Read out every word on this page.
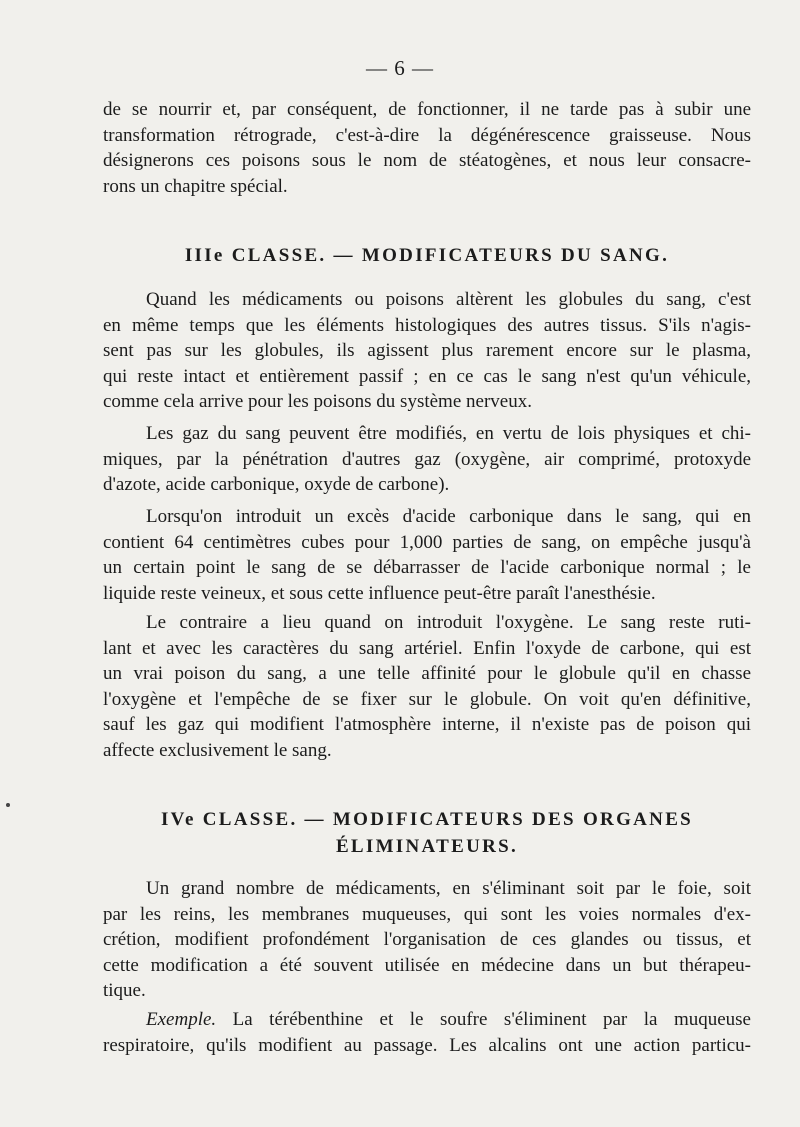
— 6 —

de se nourrir et, par conséquent, de fonctionner, il ne tarde pas à subir une
transformation rétrograde, c'est-à-dire la dégénérescence graisseuse. Nous
désignerons ces poisons sous le nom de stéatogènes, et nous leur consacre-
rons un chapitre spécial.

IIIe CLASSE. — MODIFICATEURS DU SANG.

Quand les médicaments ou poisons altèrent les globules du sang, c'est
en même temps que les éléments histologiques des autres tissus. S'ils n'agis-
sent pas sur les globules, ils agissent plus rarement encore sur le plasma,
qui reste intact et entièrement passif ; en ce cas le sang n'est qu'un véhicule,
comme cela arrive pour les poisons du système nerveux.

Les gaz du sang peuvent être modifiés, en vertu de lois physiques et chi-
miques, par la pénétration d'autres gaz (oxygène, air comprimé, protoxyde
d'azote, acide carbonique, oxyde de carbone).

Lorsqu'on introduit un excès d'acide carbonique dans le sang, qui en
contient 64 centimètres cubes pour 1,000 parties de sang, on empêche jusqu'à
un certain point le sang de se débarrasser de l'acide carbonique normal ; le
liquide reste veineux, et sous cette influence peut-être paraît l'anesthésie.

Le contraire a lieu quand on introduit l'oxygène. Le sang reste ruti-
lant et avec les caractères du sang artériel. Enfin l'oxyde de carbone, qui est
un vrai poison du sang, a une telle affinité pour le globule qu'il en chasse
l'oxygène et l'empêche de se fixer sur le globule. On voit qu'en définitive,
sauf les gaz qui modifient l'atmosphère interne, il n'existe pas de poison qui
affecte exclusivement le sang.

IVe CLASSE. — MODIFICATEURS DES ORGANES
ÉLIMINATEURS.

Un grand nombre de médicaments, en s'éliminant soit par le foie, soit
par les reins, les membranes muqueuses, qui sont les voies normales d'ex-
crétion, modifient profondément l'organisation de ces glandes ou tissus, et
cette modification a été souvent utilisée en médecine dans un but thérapeu-
tique.

Exemple. La térébenthine et le soufre s'éliminent par la muqueuse
respiratoire, qu'ils modifient au passage. Les alcalins ont une action particu-
